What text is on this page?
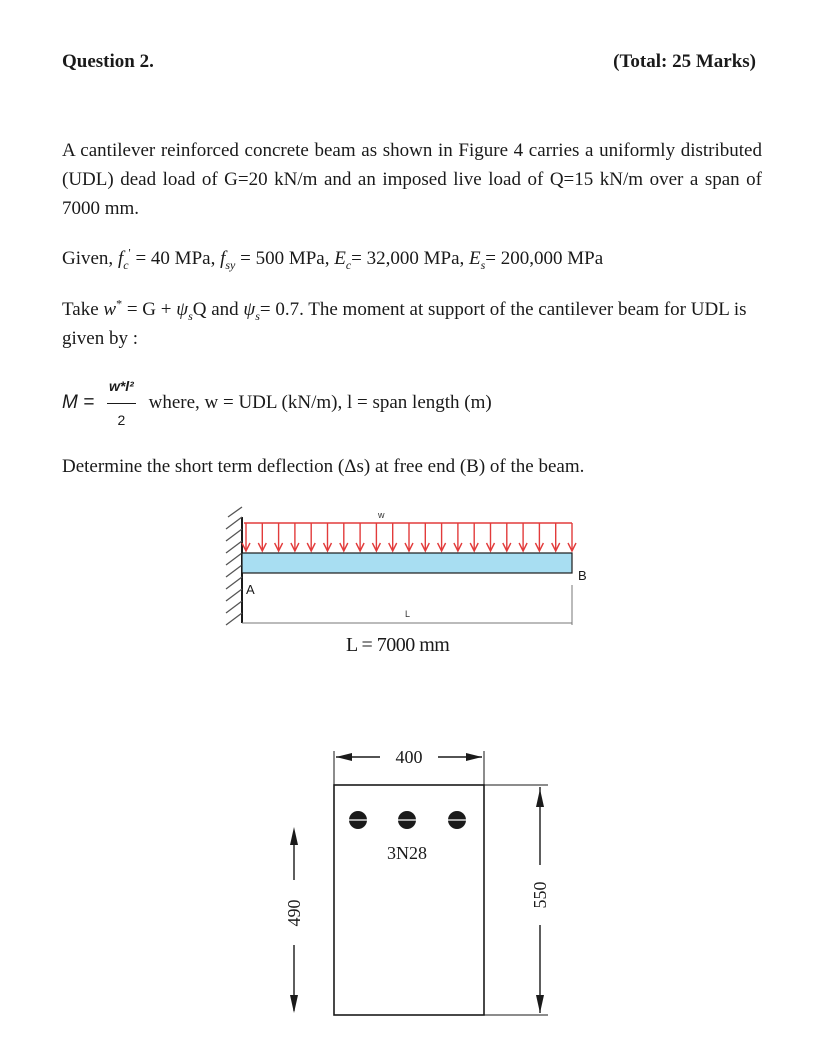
Question 2.	(Total: 25 Marks)
A cantilever reinforced concrete beam as shown in Figure 4 carries a uniformly distributed (UDL) dead load of G=20 kN/m and an imposed live load of Q=15 kN/m over a span of 7000 mm.
Given, $f_c' = 40$ MPa, $f_{sy} = 500$ MPa, $E_c= 32,000$ MPa, $E_s= 200,000$ MPa
Take $w^* = G + \psi_sQ$ and $\psi_s= 0.7$. The moment at support of the cantilever beam for UDL is given by :
$M = \frac{\text{w*l²}}{2}$ where, w = UDL (kN/m), l = span length (m)
Determine the short term deflection (Δs) at free end (B) of the beam.
w
A
B
L
L = 7000 mm
400
3N28
490
550
